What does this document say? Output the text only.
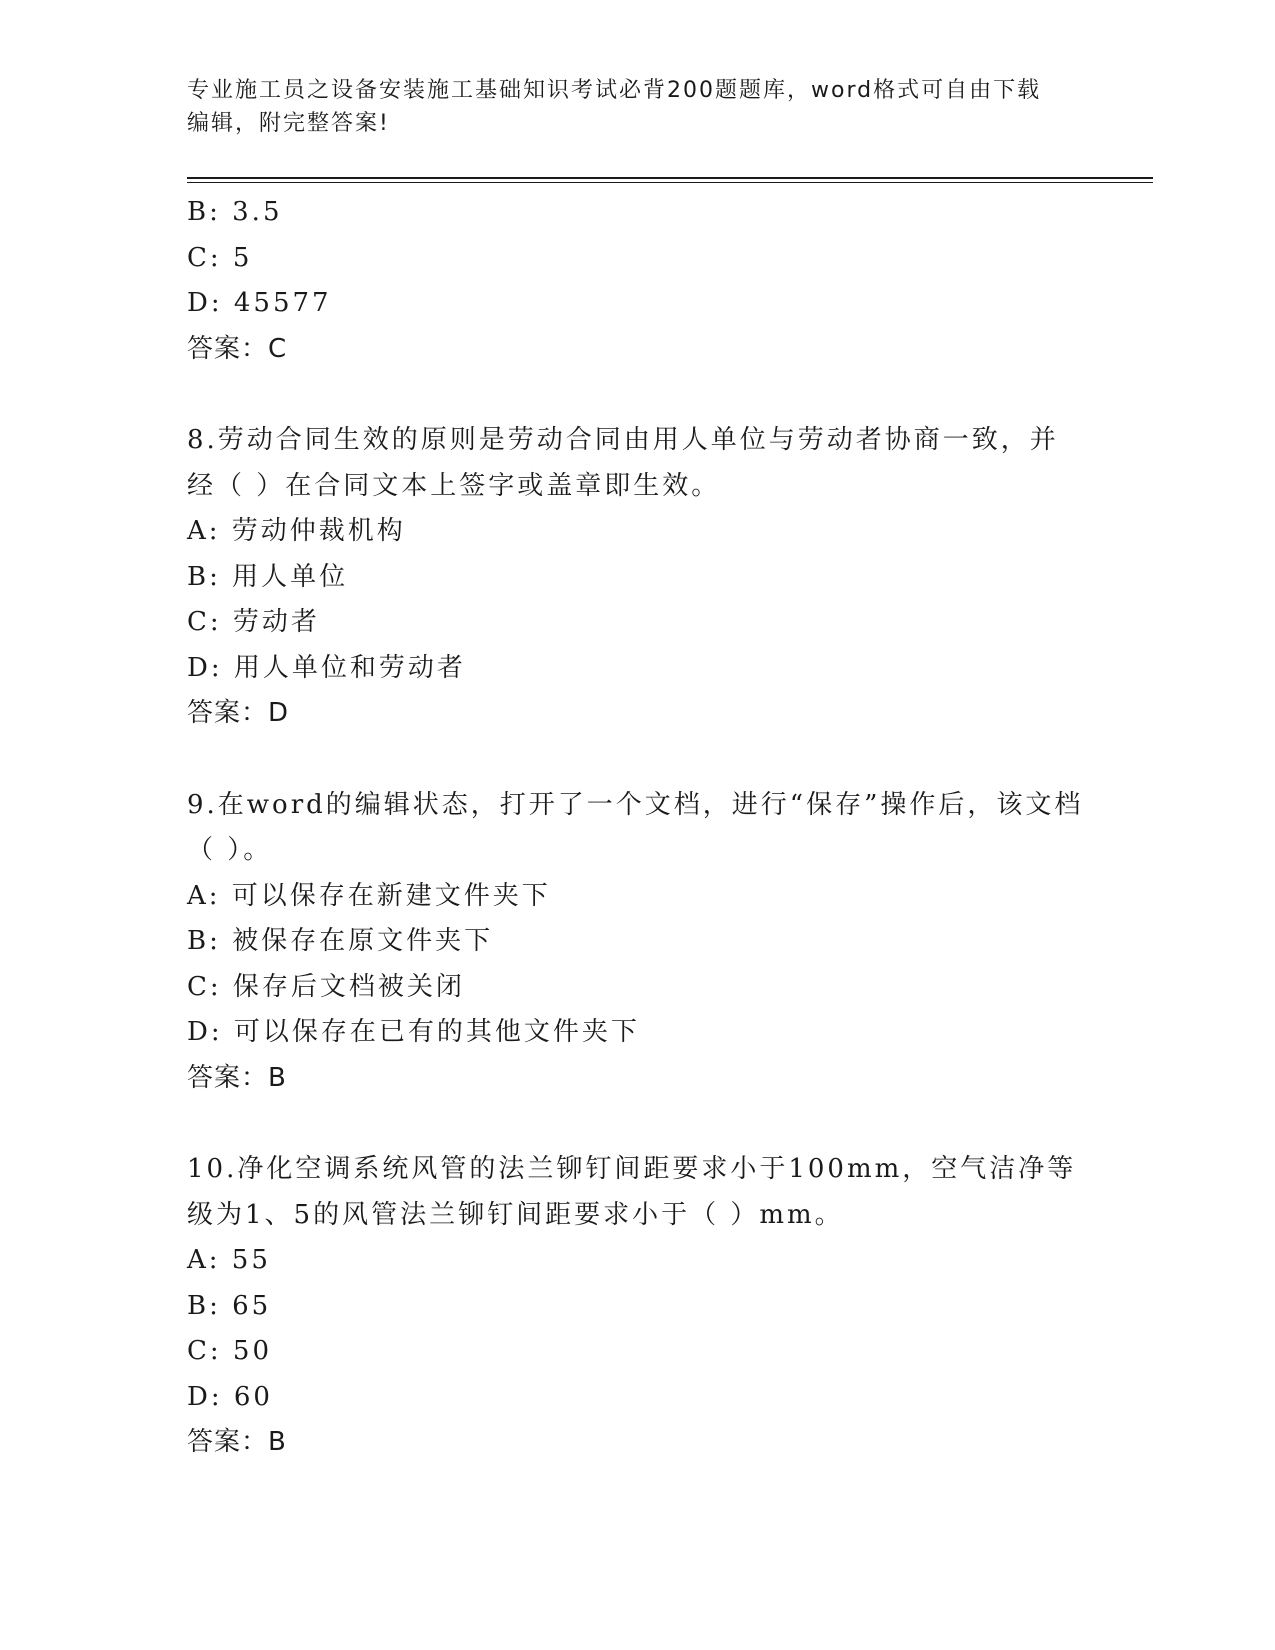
专业施工员之设备安装施工基础知识考试必背200题题库，word格式可自由下载
编辑，附完整答案!
B: 3.5
C: 5
D: 45577
答案：C
8.劳动合同生效的原则是劳动合同由用人单位与劳动者协商一致，并经（ ）在合同文本上签字或盖章即生效。
A: 劳动仲裁机构
B: 用人单位
C: 劳动者
D: 用人单位和劳动者
答案：D
9.在word的编辑状态，打开了一个文档，进行“保存”操作后，该文档（ ）。
A: 可以保存在新建文件夹下
B: 被保存在原文件夹下
C: 保存后文档被关闭
D: 可以保存在已有的其他文件夹下
答案：B
10.净化空调系统风管的法兰铆钉间距要求小于100mm，空气洁净等级为1、5的风管法兰铆钉间距要求小于（ ）mm。
A: 55
B: 65
C: 50
D: 60
答案：B
